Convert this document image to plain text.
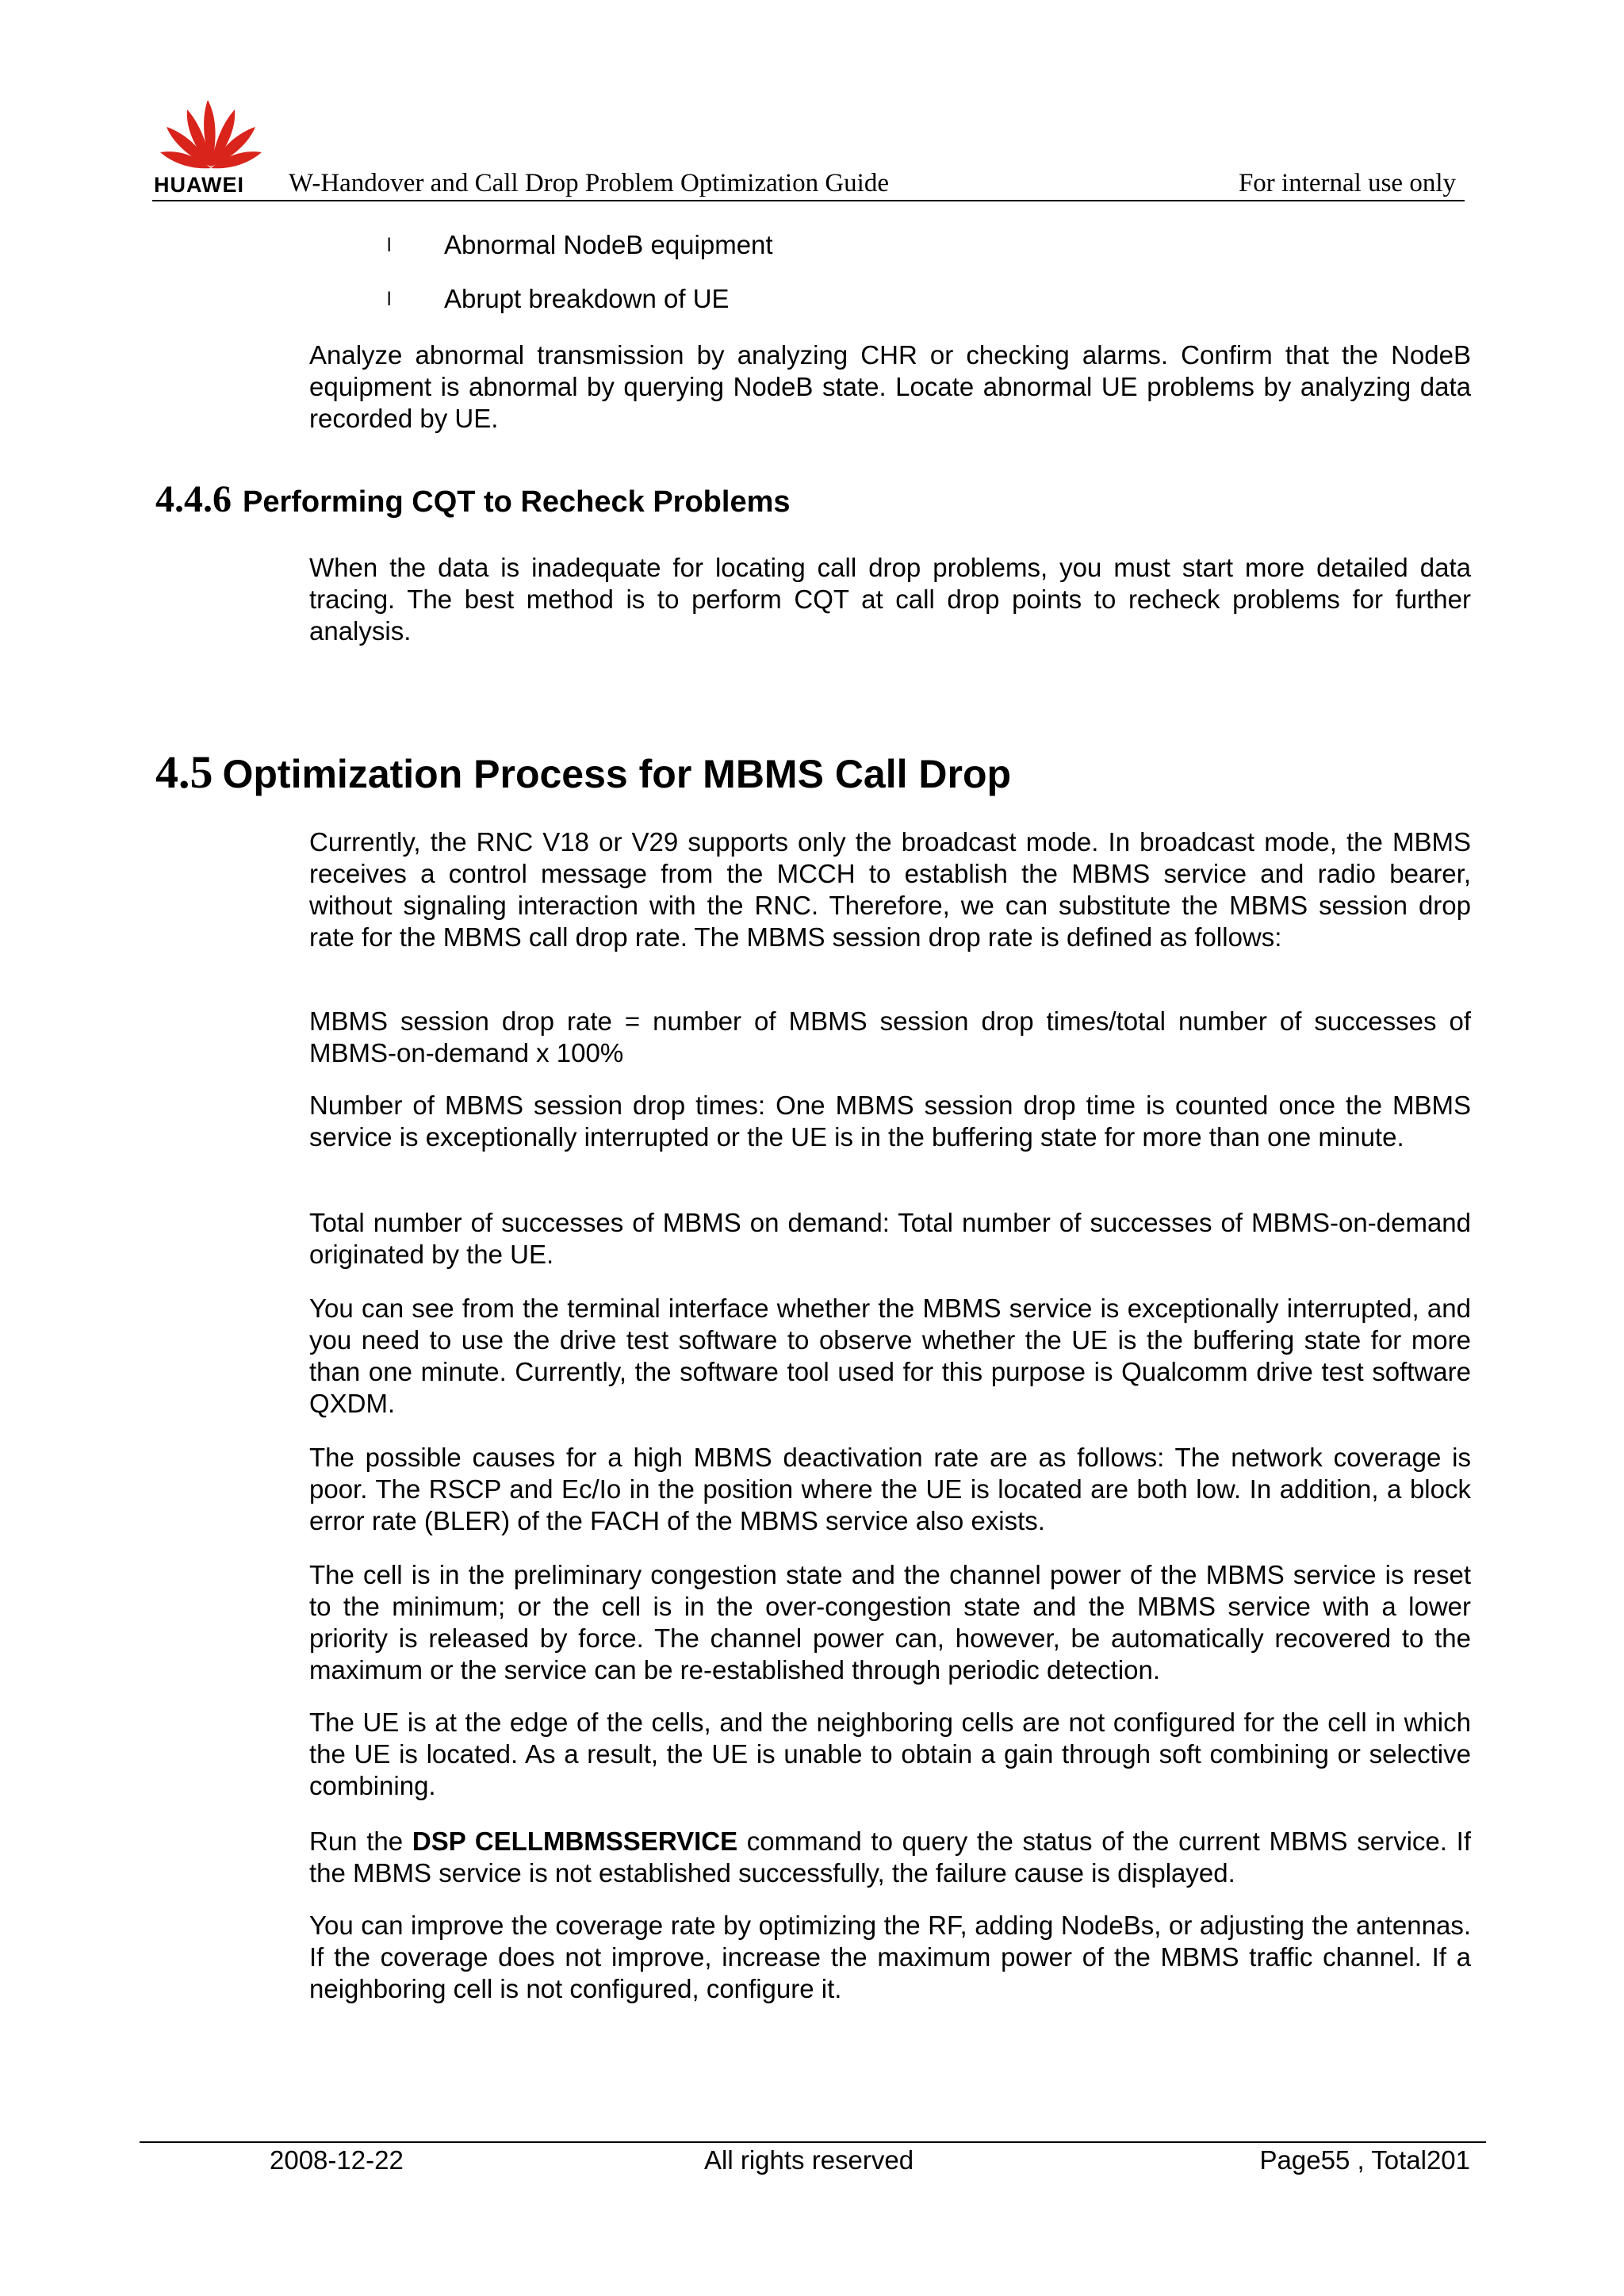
HUAWEI W-Handover and Call Drop Problem Optimization Guide	For internal use only
l Abnormal NodeB equipment
l Abrupt breakdown of UE
Analyze abnormal transmission by analyzing CHR or checking alarms. Confirm that the NodeB equipment is abnormal by querying NodeB state. Locate abnormal UE problems by analyzing data recorded by UE.
4.4.6 Performing CQT to Recheck Problems
When the data is inadequate for locating call drop problems, you must start more detailed data tracing. The best method is to perform CQT at call drop points to recheck problems for further analysis.
4.5 Optimization Process for MBMS Call Drop
Currently, the RNC V18 or V29 supports only the broadcast mode. In broadcast mode, the MBMS receives a control message from the MCCH to establish the MBMS service and radio bearer, without signaling interaction with the RNC. Therefore, we can substitute the MBMS session drop rate for the MBMS call drop rate. The MBMS session drop rate is defined as follows:
MBMS session drop rate = number of MBMS session drop times/total number of successes of MBMS-on-demand x 100%
Number of MBMS session drop times: One MBMS session drop time is counted once the MBMS service is exceptionally interrupted or the UE is in the buffering state for more than one minute.
Total number of successes of MBMS on demand: Total number of successes of MBMS-on-demand originated by the UE.
You can see from the terminal interface whether the MBMS service is exceptionally interrupted, and you need to use the drive test software to observe whether the UE is the buffering state for more than one minute. Currently, the software tool used for this purpose is Qualcomm drive test software QXDM.
The possible causes for a high MBMS deactivation rate are as follows: The network coverage is poor. The RSCP and Ec/Io in the position where the UE is located are both low. In addition, a block error rate (BLER) of the FACH of the MBMS service also exists.
The cell is in the preliminary congestion state and the channel power of the MBMS service is reset to the minimum; or the cell is in the over-congestion state and the MBMS service with a lower priority is released by force. The channel power can, however, be automatically recovered to the maximum or the service can be re-established through periodic detection.
The UE is at the edge of the cells, and the neighboring cells are not configured for the cell in which the UE is located. As a result, the UE is unable to obtain a gain through soft combining or selective combining.
Run the DSP CELLMBMSSERVICE command to query the status of the current MBMS service. If the MBMS service is not established successfully, the failure cause is displayed.
You can improve the coverage rate by optimizing the RF, adding NodeBs, or adjusting the antennas. If the coverage does not improve, increase the maximum power of the MBMS traffic channel. If a neighboring cell is not configured, configure it.
2008-12-22	All rights reserved	Page55 , Total201
